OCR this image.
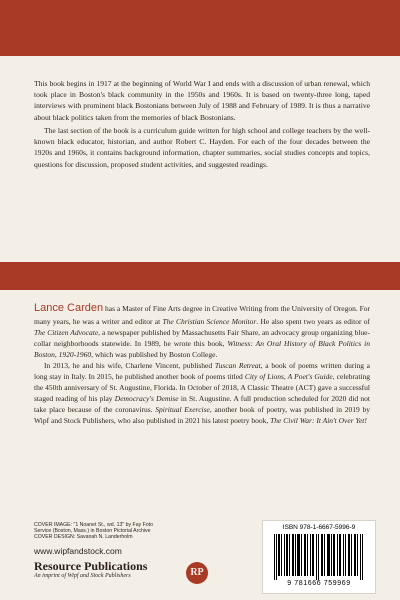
This book begins in 1917 at the beginning of World War I and ends with a discussion of urban renewal, which took place in Boston's black community in the 1950s and 1960s. It is based on twenty-three long, taped interviews with prominent black Bostonians between July of 1988 and February of 1989. It is thus a narrative about black politics taken from the memories of black Bostonians.

The last section of the book is a curriculum guide written for high school and college teachers by the well-known black educator, historian, and author Robert C. Hayden. For each of the four decades between the 1920s and 1960s, it contains background information, chapter summaries, social studies concepts and topics, questions for discussion, proposed student activities, and suggested readings.

Lance Carden has a Master of Fine Arts degree in Creative Writing from the University of Oregon. For many years, he was a writer and editor at The Christian Science Monitor. He also spent two years as editor of The Citizen Advocate, a newspaper published by Massachusetts Fair Share, an advocacy group organizing blue-collar neighborhoods statewide. In 1989, he wrote this book, Witness: An Oral History of Black Politics in Boston, 1920-1960, which was published by Boston College.

In 2013, he and his wife, Charlene Vincent, published Tuscan Retreat, a book of poems written during a long stay in Italy. In 2015, he published another book of poems titled City of Lions, A Poet's Guide, celebrating the 450th anniversary of St. Augustine, Florida. In October of 2018, A Classic Theatre (ACT) gave a successful staged reading of his play Democracy's Demise in St. Augustine. A full production scheduled for 2020 did not take place because of the coronavirus. Spiritual Exercise, another book of poetry, was published in 2019 by Wipf and Stock Publishers, who also published in 2021 his latest poetry book, The Civil War: It Ain't Over Yet!

COVER IMAGE: "1 Noanet St., wd. 13" by Fay Foto
Service (Boston, Mass.) in Boston Pictorial Archive
COVER DESIGN: Savanah N. Landerholm
www.wipfandstock.com
Resource Publications
An imprint of Wipf and Stock Publishers	RP
ISBN 978-1-6667-5996-9
9 781666 759969
